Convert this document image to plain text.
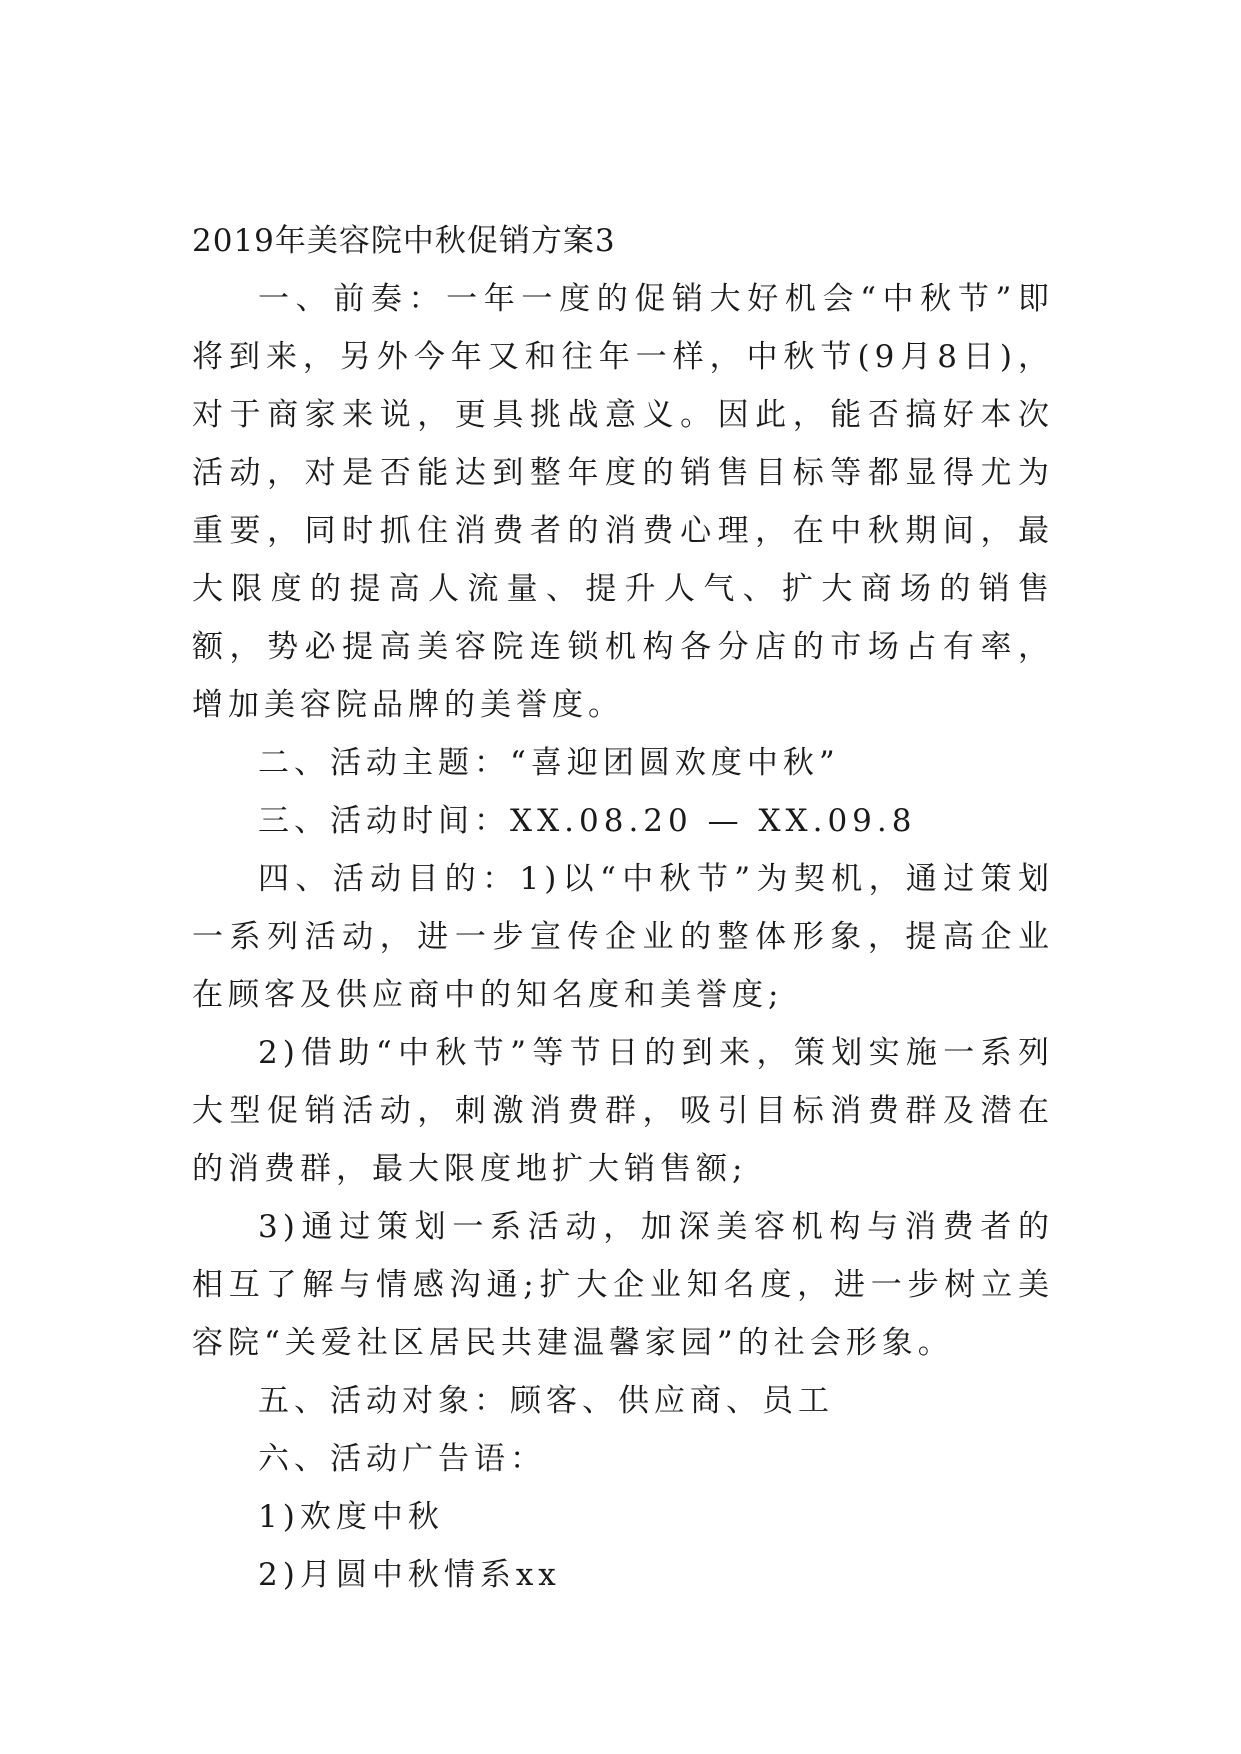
2019年美容院中秋促销方案3

一、前奏：一年一度的促销大好机会“中秋节”即将到来，另外今年又和往年一样，中秋节(9月8日)，对于商家来说，更具挑战意义。因此，能否搞好本次活动，对是否能达到整年度的销售目标等都显得尤为重要，同时抓住消费者的消费心理，在中秋期间，最大限度的提高人流量、提升人气、扩大商场的销售额，势必提高美容院连锁机构各分店的市场占有率，增加美容院品牌的美誉度。

二、活动主题：“喜迎团圆欢度中秋”

三、活动时间：XX.08.20 — XX.09.8

四、活动目的：1)以“中秋节”为契机，通过策划一系列活动，进一步宣传企业的整体形象，提高企业在顾客及供应商中的知名度和美誉度;

2)借助“中秋节”等节日的到来，策划实施一系列大型促销活动，刺激消费群，吸引目标消费群及潜在的消费群，最大限度地扩大销售额;

3)通过策划一系活动，加深美容机构与消费者的相互了解与情感沟通;扩大企业知名度，进一步树立美容院“关爱社区居民共建温馨家园”的社会形象。

五、活动对象：顾客、供应商、员工

六、活动广告语：

1)欢度中秋

2)月圆中秋情系xx
